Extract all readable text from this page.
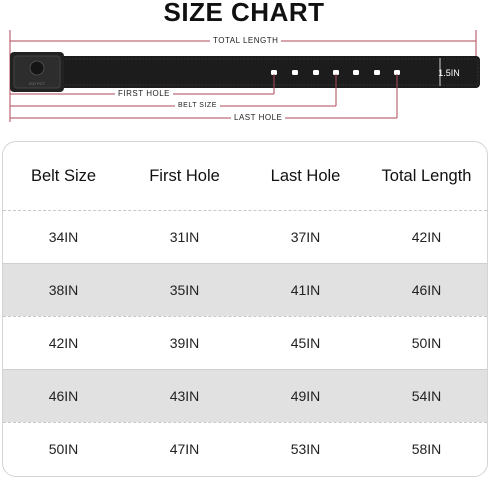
SIZE CHART
ISO PCT
1.5IN
TOTAL LENGTH
FIRST HOLE
BELT SIZE
LAST HOLE
Belt Size	First Hole	Last Hole	Total Length
34IN	31IN	37IN	42IN
38IN	35IN	41IN	46IN
42IN	39IN	45IN	50IN
46IN	43IN	49IN	54IN
50IN	47IN	53IN	58IN
